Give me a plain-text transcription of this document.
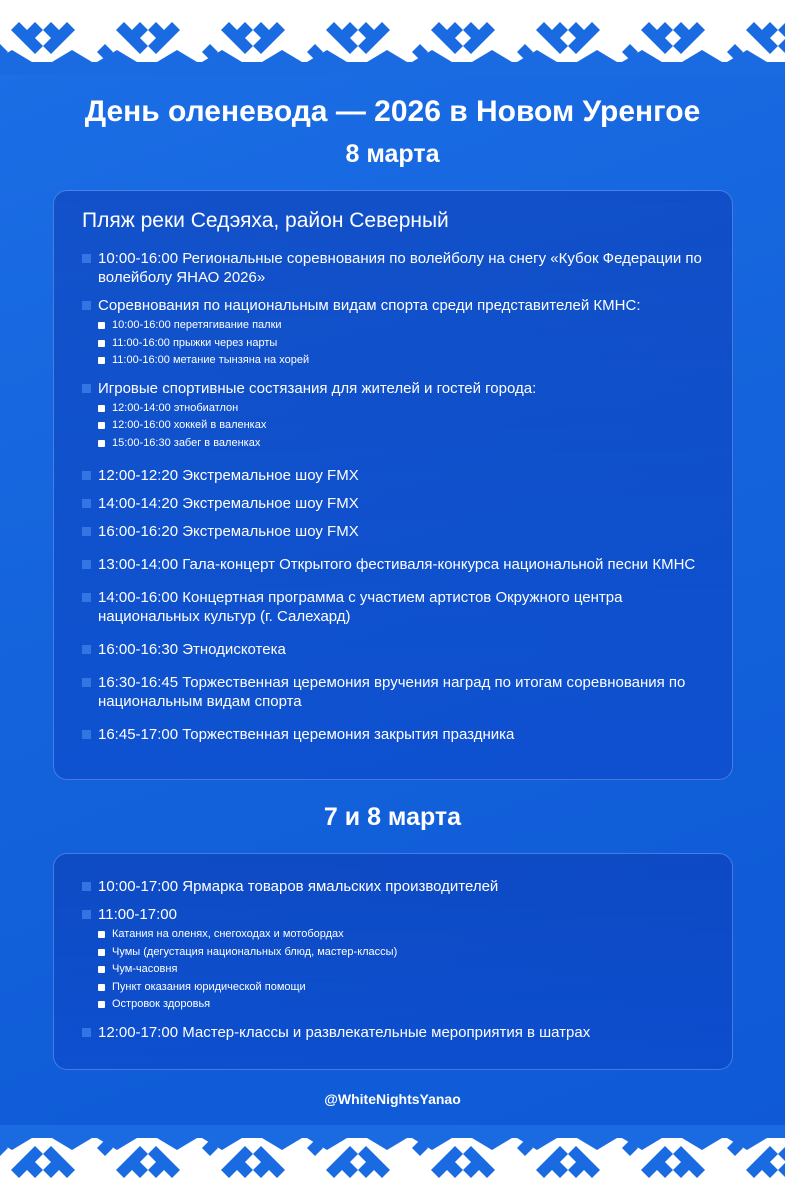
День оленевода — 2026 в Новом Уренгое
8 марта
Пляж реки Седэяха, район Северный
10:00-16:00 Региональные соревнования по волейболу на снегу «Кубок Федерации по волейболу ЯНАО 2026»
Соревнования по национальным видам спорта среди представителей КМНС:
10:00-16:00 перетягивание палки
11:00-16:00 прыжки через нарты
11:00-16:00 метание тынзяна на хорей
Игровые спортивные состязания для жителей и гостей города:
12:00-14:00 этнобиатлон
12:00-16:00 хоккей в валенках
15:00-16:30 забег в валенках
12:00-12:20 Экстремальное шоу FMX
14:00-14:20 Экстремальное шоу FMX
16:00-16:20 Экстремальное шоу FMX
13:00-14:00 Гала-концерт Открытого фестиваля-конкурса национальной песни КМНС
14:00-16:00 Концертная программа с участием артистов Окружного центра национальных культур (г. Салехард)
16:00-16:30 Этнодискотека
16:30-16:45 Торжественная церемония вручения наград по итогам соревнования по национальным видам спорта
16:45-17:00 Торжественная церемония закрытия праздника
7 и 8 марта
10:00-17:00 Ярмарка товаров ямальских производителей
11:00-17:00
Катания на оленях, снегоходах и мотобордах
Чумы (дегустация национальных блюд, мастер-классы)
Чум-часовня
Пункт оказания юридической помощи
Островок здоровья
12:00-17:00 Мастер-классы и развлекательные мероприятия в шатрах
@WhiteNightsYanao
